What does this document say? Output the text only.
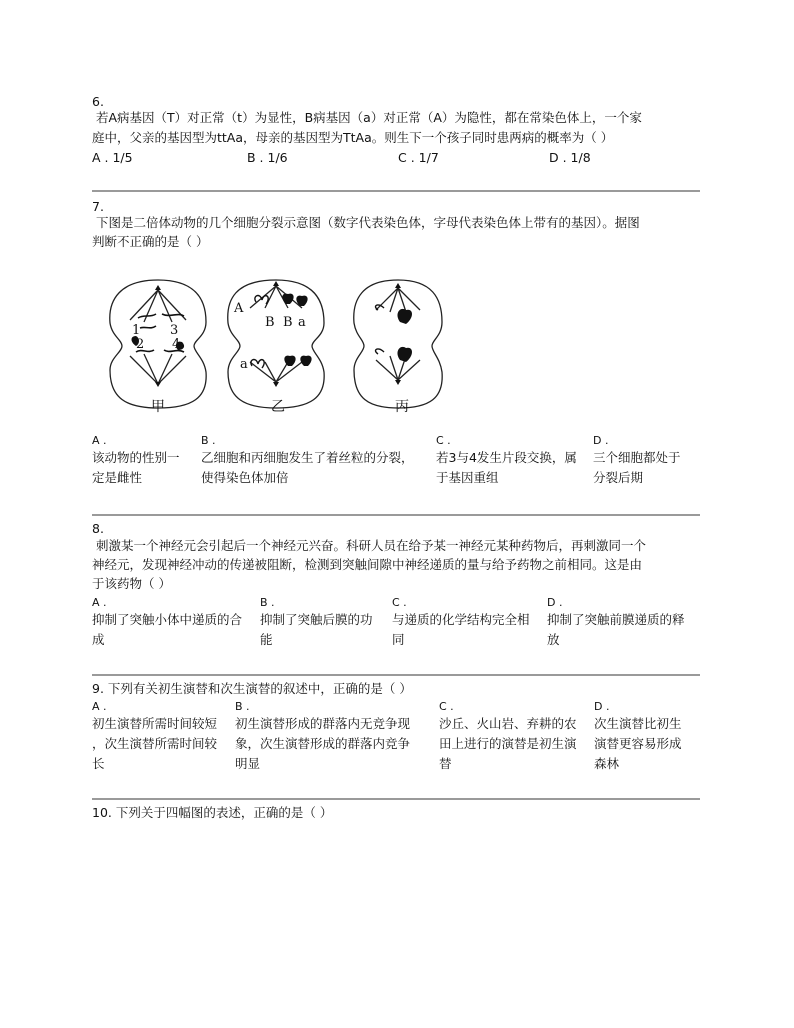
6.
若A病基因（T）对正常（t）为显性，B病基因（a）对正常（A）为隐性，都在常染色体上，一个家
庭中，父亲的基因型为ttAa，母亲的基因型为TtAa。则生下一个孩子同时患两病的概率为（ ）
A . 1/5	B . 1/6	C . 1/7	D . 1/8
7.
下图是二倍体动物的几个细胞分裂示意图（数字代表染色体，字母代表染色体上带有的基因）。据图
判断不正确的是（ ）
1 3
2 4
A
B B a
a
甲	乙	丙
A .
该动物的性别一
定是雌性
B .
乙细胞和丙细胞发生了着丝粒的分裂，
使得染色体加倍
C .
若3与4发生片段交换，属
于基因重组
D .
三个细胞都处于
分裂后期
8.
刺激某一个神经元会引起后一个神经元兴奋。科研人员在给予某一神经元某种药物后，再刺激同一个
神经元，发现神经冲动的传递被阻断，检测到突触间隙中神经递质的量与给予药物之前相同。这是由
于该药物（ ）
A .
抑制了突触小体中递质的合
成
B .
抑制了突触后膜的功
能
C .
与递质的化学结构完全相
同
D .
抑制了突触前膜递质的释
放
9. 下列有关初生演替和次生演替的叙述中，正确的是（ ）
A .
初生演替所需时间较短
，次生演替所需时间较
长
B .
初生演替形成的群落内无竞争现
象，次生演替形成的群落内竞争
明显
C .
沙丘、火山岩、弃耕的农
田上进行的演替是初生演
替
D .
次生演替比初生
演替更容易形成
森林
10. 下列关于四幅图的表述，正确的是（ ）
